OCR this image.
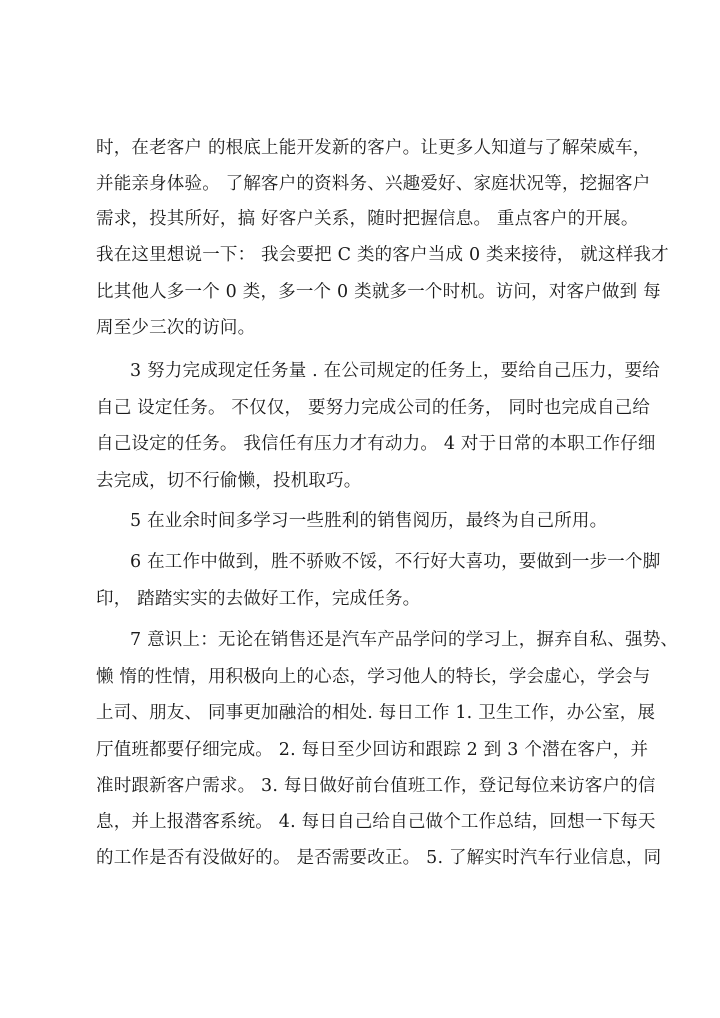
时，在老客户 的根底上能开发新的客户。让更多人知道与了解荣威车，
并能亲身体验。 了解客户的资料务、兴趣爱好、家庭状况等，挖掘客户
需求，投其所好，搞 好客户关系，随时把握信息。 重点客户的开展。
我在这里想说一下： 我会要把 C 类的客户当成 0 类来接待， 就这样我才
比其他人多一个 0 类，多一个 0 类就多一个时机。访问，对客户做到 每
周至少三次的访问。
3 努力完成现定任务量 . 在公司规定的任务上，要给自己压力，要给
自己 设定任务。 不仅仅， 要努力完成公司的任务， 同时也完成自己给
自己设定的任务。 我信任有压力才有动力。 4 对于日常的本职工作仔细
去完成，切不行偷懒，投机取巧。
5 在业余时间多学习一些胜利的销售阅历，最终为自己所用。
6 在工作中做到，胜不骄败不馁，不行好大喜功，要做到一步一个脚
印， 踏踏实实的去做好工作，完成任务。
7 意识上：无论在销售还是汽车产品学问的学习上，摒弃自私、强势、
懒 惰的性情，用积极向上的心态，学习他人的特长，学会虚心，学会与
上司、朋友、 同事更加融洽的相处. 每日工作 1. 卫生工作，办公室，展
厅值班都要仔细完成。 2. 每日至少回访和跟踪 2 到 3 个潜在客户，并
准时跟新客户需求。 3. 每日做好前台值班工作，登记每位来访客户的信
息，并上报潜客系统。 4. 每日自己给自己做个工作总结，回想一下每天
的工作是否有没做好的。 是否需要改正。 5. 了解实时汽车行业信息，同
